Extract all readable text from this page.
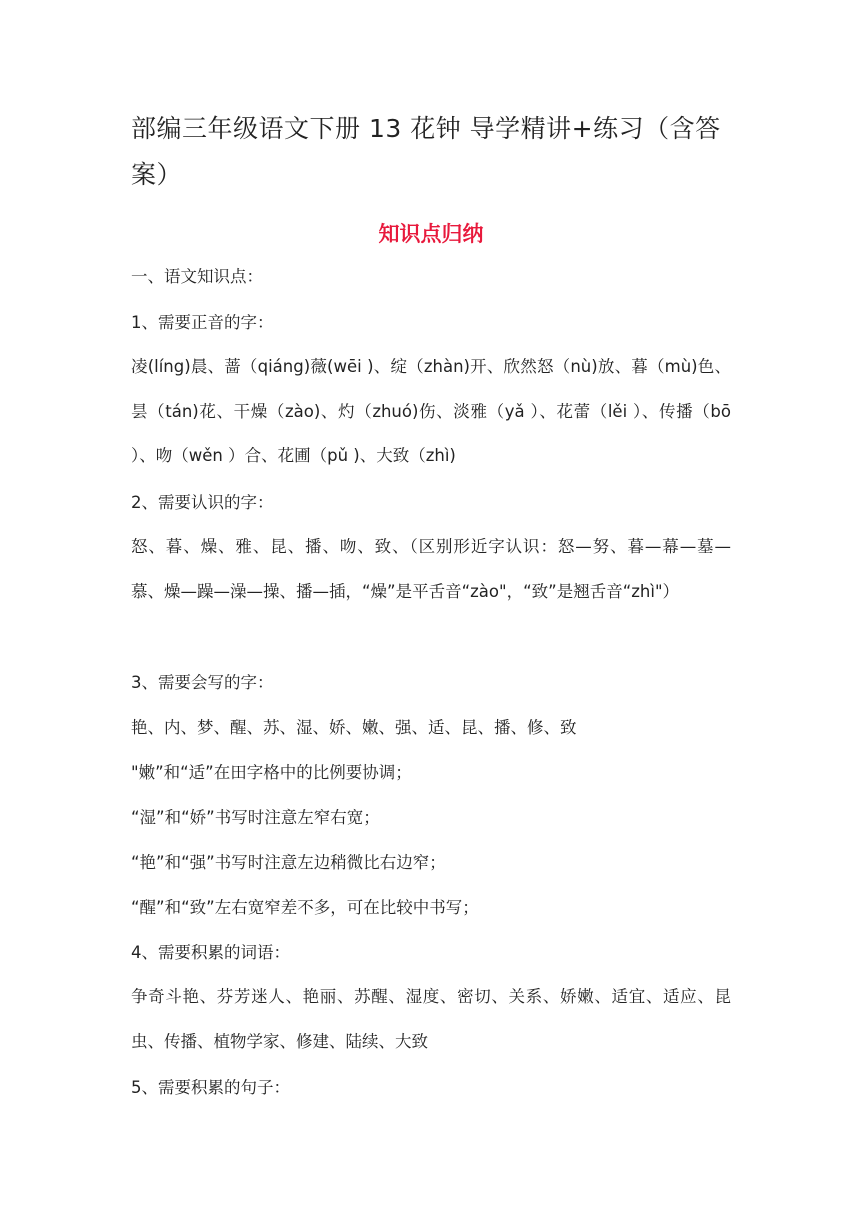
部编三年级语文下册 13 花钟 导学精讲+练习（含答案）
知识点归纳
一、语文知识点：
1、需要正音的字：
凌(líng)晨、蔷（qiáng)薇(wēi )、绽（zhàn)开、欣然怒（nù)放、暮（mù)色、昙（tán)花、干燥（zào)、灼（zhuó)伤、淡雅（yǎ ）、花蕾（lěi ）、传播（bō ）、吻（wěn ）合、花圃（pǔ )、大致（zhì)
2、需要认识的字：
怒、暮、燥、雅、昆、播、吻、致、（区别形近字认识：怒—努、暮—幕—墓—慕、燥—躁—澡—操、播—插，“燥”是平舌音“zào"，“致”是翘舌音“zhì"）
3、需要会写的字：
艳、内、梦、醒、苏、湿、娇、嫩、强、适、昆、播、修、致
"嫩”和“适”在田字格中的比例要协调；
“湿”和“娇”书写时注意左窄右宽；
“艳”和“强”书写时注意左边稍微比右边窄；
“醒”和“致”左右宽窄差不多，可在比较中书写；
4、需要积累的词语：
争奇斗艳、芬芳迷人、艳丽、苏醒、湿度、密切、关系、娇嫩、适宜、适应、昆虫、传播、植物学家、修建、陆续、大致
5、需要积累的句子：
